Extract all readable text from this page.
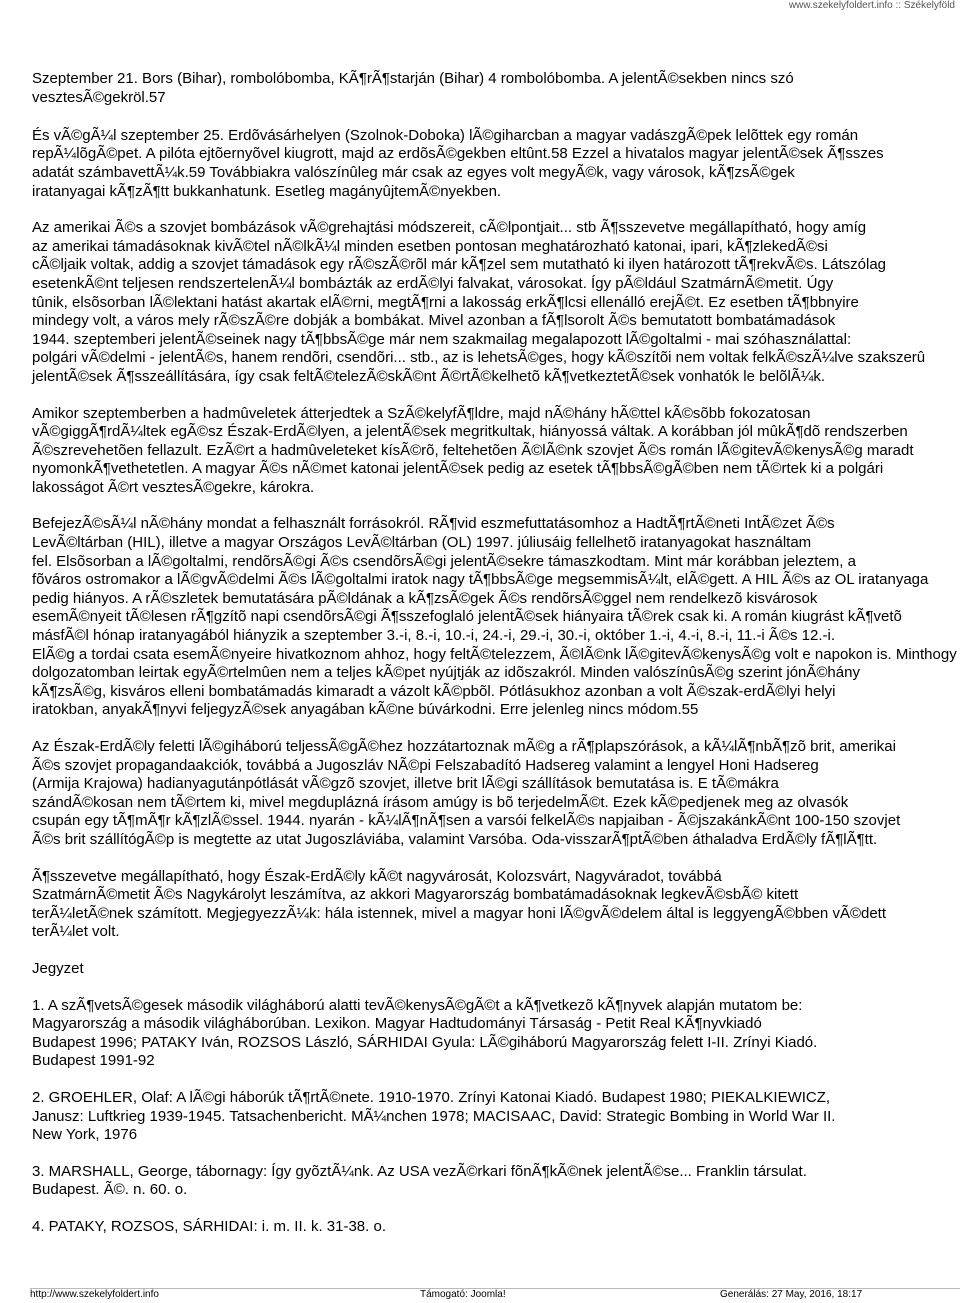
www.szekelyfoldert.info :: Székelyföld

Szeptember 21. Bors (Bihar), rombolóbomba, KÃ¶rÃ¶starján (Bihar) 4 rombolóbomba. A jelentÃ©sekben nincs szó
vesztesÃ©gekröl.57

És vÃ©gÃ¼l szeptember 25. Erdõvásárhelyen (Szolnok-Doboka) lÃ©giharcban a magyar vadászgÃ©pek lelõttek egy román
repÃ¼lõgÃ©pet. A pilóta ejtõernyõvel kiugrott, majd az erdõsÃ©gekben eltûnt.58 Ezzel a hivatalos magyar jelentÃ©sek Ã¶sszes
adatát számbavettÃ¼k.59 Továbbiakra valószínûleg már csak az egyes volt megyÃ©k, vagy városok, kÃ¶zsÃ©gek
iratanyagai kÃ¶zÃ¶tt bukkanhatunk. Esetleg magányûjtemÃ©nyekben.

Az amerikai Ã©s a szovjet bombázások vÃ©grehajtási módszereit, cÃ©lpontjait... stb Ã¶sszevetve megállapítható, hogy amíg
az amerikai támadásoknak kivÃ©tel nÃ©lkÃ¼l minden esetben pontosan meghatározható katonai, ipari, kÃ¶zlekedÃ©si
cÃ©ljaik voltak, addig a szovjet támadások egy rÃ©szÃ©rõl már kÃ¶zel sem mutatható ki ilyen határozott tÃ¶rekvÃ©s. Látszólag
esetenkÃ©nt teljesen rendszertelenÃ¼l bombázták az erdÃ©lyi falvakat, városokat. Így pÃ©ldául SzatmárnÃ©metit. Úgy
tûnik, elsõsorban lÃ©lektani hatást akartak elÃ©rni, megtÃ¶rni a lakosság erkÃ¶lcsi ellenálló erejÃ©t. Ez esetben tÃ¶bbnyire
mindegy volt, a város mely rÃ©szÃ©re dobják a bombákat. Mivel azonban a fÃ¶lsorolt Ã©s bemutatott bombatámadások
1944. szeptemberi jelentÃ©seinek nagy tÃ¶bbsÃ©ge már nem szakmailag megalapozott lÃ©goltalmi - mai szóhasználattal:
polgári vÃ©delmi - jelentÃ©s, hanem rendõri, csendõri... stb., az is lehetsÃ©ges, hogy kÃ©szítõi nem voltak felkÃ©szÃ¼lve szakszerû
jelentÃ©sek Ã¶sszeállítására, így csak feltÃ©telezÃ©skÃ©nt Ã©rtÃ©kelhetõ kÃ¶vetkeztetÃ©sek vonhatók le belõlÃ¼k.

Amikor szeptemberben a hadmûveletek átterjedtek a SzÃ©kelyfÃ¶ldre, majd nÃ©hány hÃ©ttel kÃ©sõbb fokozatosan
vÃ©giggÃ¶rdÃ¼ltek egÃ©sz Észak-ErdÃ©lyen, a jelentÃ©sek megritkultak, hiányossá váltak. A korábban jól mûkÃ¶dõ rendszerben
Ã©szrevehetõen fellazult. EzÃ©rt a hadmûveleteket kísÃ©rõ, feltehetõen Ã©lÃ©nk szovjet Ã©s román lÃ©gitevÃ©kenysÃ©g maradt
nyomonkÃ¶vethetetlen. A magyar Ã©s nÃ©met katonai jelentÃ©sek pedig az esetek tÃ¶bbsÃ©gÃ©ben nem tÃ©rtek ki a polgári
lakosságot Ã©rt vesztesÃ©gekre, károkra.

BefejezÃ©sÃ¼l nÃ©hány mondat a felhasznált forrásokról. RÃ¶vid eszmefuttatásomhoz a HadtÃ¶rtÃ©neti IntÃ©zet Ã©s
LevÃ©ltárban (HIL), illetve a magyar Országos LevÃ©ltárban (OL) 1997. júliusáig fellelhetõ iratanyagokat használtam
fel. Elsõsorban a lÃ©goltalmi, rendõrsÃ©gi Ã©s csendõrsÃ©gi jelentÃ©sekre támaszkodtam. Mint már korábban jeleztem, a
fõváros ostromakor a lÃ©gvÃ©delmi Ã©s lÃ©goltalmi iratok nagy tÃ¶bbsÃ©ge megsemmisÃ¼lt, elÃ©gett. A HIL Ã©s az OL iratanyaga
pedig hiányos. A rÃ©szletek bemutatására pÃ©ldának a kÃ¶zsÃ©gek Ã©s rendõrsÃ©ggel nem rendelkezõ kisvárosok
esemÃ©nyeit tÃ©lesen rÃ¶gzítõ napi csendõrsÃ©gi Ã¶sszefoglaló jelentÃ©sek hiányaira tÃ©rek csak ki. A román kiugrást kÃ¶vetõ
másfÃ©l hónap iratanyagából hiányzik a szeptember 3.-i, 8.-i, 10.-i, 24.-i, 29.-i, 30.-i, október 1.-i, 4.-i, 8.-i, 11.-i Ã©s 12.-i.
ElÃ©g a tordai csata esemÃ©nyeire hivatkoznom ahhoz, hogy feltÃ©telezzem, Ã©lÃ©nk lÃ©gitevÃ©kenysÃ©g volt e napokon is. Minthogy
dolgozatomban leirtak egyÃ©rtelmûen nem a teljes kÃ©pet nyújtják az idõszakról. Minden valószínûsÃ©g szerint jónÃ©hány
kÃ¶zsÃ©g, kisváros elleni bombatámadás kimaradt a vázolt kÃ©pbõl. Pótlásukhoz azonban a volt Ã©szak-erdÃ©lyi helyi
iratokban, anyakÃ¶nyvi feljegyzÃ©sek anyagában kÃ©ne búvárkodni. Erre jelenleg nincs módom.55

Az Észak-ErdÃ©ly feletti lÃ©giháború teljessÃ©gÃ©hez hozzátartoznak mÃ©g a rÃ¶plapszórások, a kÃ¼lÃ¶nbÃ¶zõ brit, amerikai
Ã©s szovjet propagandaakciók, továbbá a Jugoszláv NÃ©pi Felszabadító Hadsereg valamint a lengyel Honi Hadsereg
(Armija Krajowa) hadianyagutánpótlását vÃ©gzõ szovjet, illetve brit lÃ©gi szállítások bemutatása is. E tÃ©mákra
szándÃ©kosan nem tÃ©rtem ki, mivel megduplázná írásom amúgy is bõ terjedelmÃ©t. Ezek kÃ©pedjenek meg az olvasók
csupán egy tÃ¶mÃ¶r kÃ¶zlÃ©ssel. 1944. nyarán - kÃ¼lÃ¶nÃ¶sen a varsói felkelÃ©s napjaiban - Ã©jszakánkÃ©nt 100-150 szovjet
Ã©s brit szállítógÃ©p is megtette az utat Jugoszláviába, valamint Varsóba. Oda-visszarÃ¶ptÃ©ben áthaladva ErdÃ©ly fÃ¶lÃ¶tt.

Ã¶sszevetve megállapítható, hogy Észak-ErdÃ©ly kÃ©t nagyvárosát, Kolozsvárt, Nagyváradot, továbbá
SzatmárnÃ©metit Ã©s Nagykárolyt leszámítva, az akkori Magyarország bombatámadásoknak legkevÃ©sbÃ© kitett
terÃ¼letÃ©nek számított. MegjegyezzÃ¼k: hála istennek, mivel a magyar honi lÃ©gvÃ©delem által is leggyengÃ©bben vÃ©dett
terÃ¼let volt.

Jegyzet

1. A szÃ¶vetsÃ©gesek második világháború alatti tevÃ©kenysÃ©gÃ©t a kÃ¶vetkezõ kÃ¶nyvek alapján mutatom be:
Magyarország a második világháborúban. Lexikon. Magyar Hadtudományi Társaság - Petit Real KÃ¶nyvkiadó
Budapest 1996; PATAKY Iván, ROZSOS László, SÁRHIDAI Gyula: LÃ©giháború Magyarország felett I-II. Zrínyi Kiadó.
Budapest 1991-92

2. GROEHLER, Olaf: A lÃ©gi háborúk tÃ¶rtÃ©nete. 1910-1970. Zrínyi Katonai Kiadó. Budapest 1980; PIEKALKIEWICZ,
Janusz: Luftkrieg 1939-1945. Tatsachenbericht. MÃ¼nchen 1978; MACISAAC, David: Strategic Bombing in World War II.
New York, 1976

3. MARSHALL, George, tábornagy: Így gyõztÃ¼nk. Az USA vezÃ©rkari fõnÃ¶kÃ©nek jelentÃ©se... Franklin társulat.
Budapest. Ã©. n. 60. o.

4. PATAKY, ROZSOS, SÁRHIDAI: i. m. II. k. 31-38. o.

http://www.szekelyfoldert.info	Támogató: Joomla!	Generálás: 27 May, 2016, 18:17
